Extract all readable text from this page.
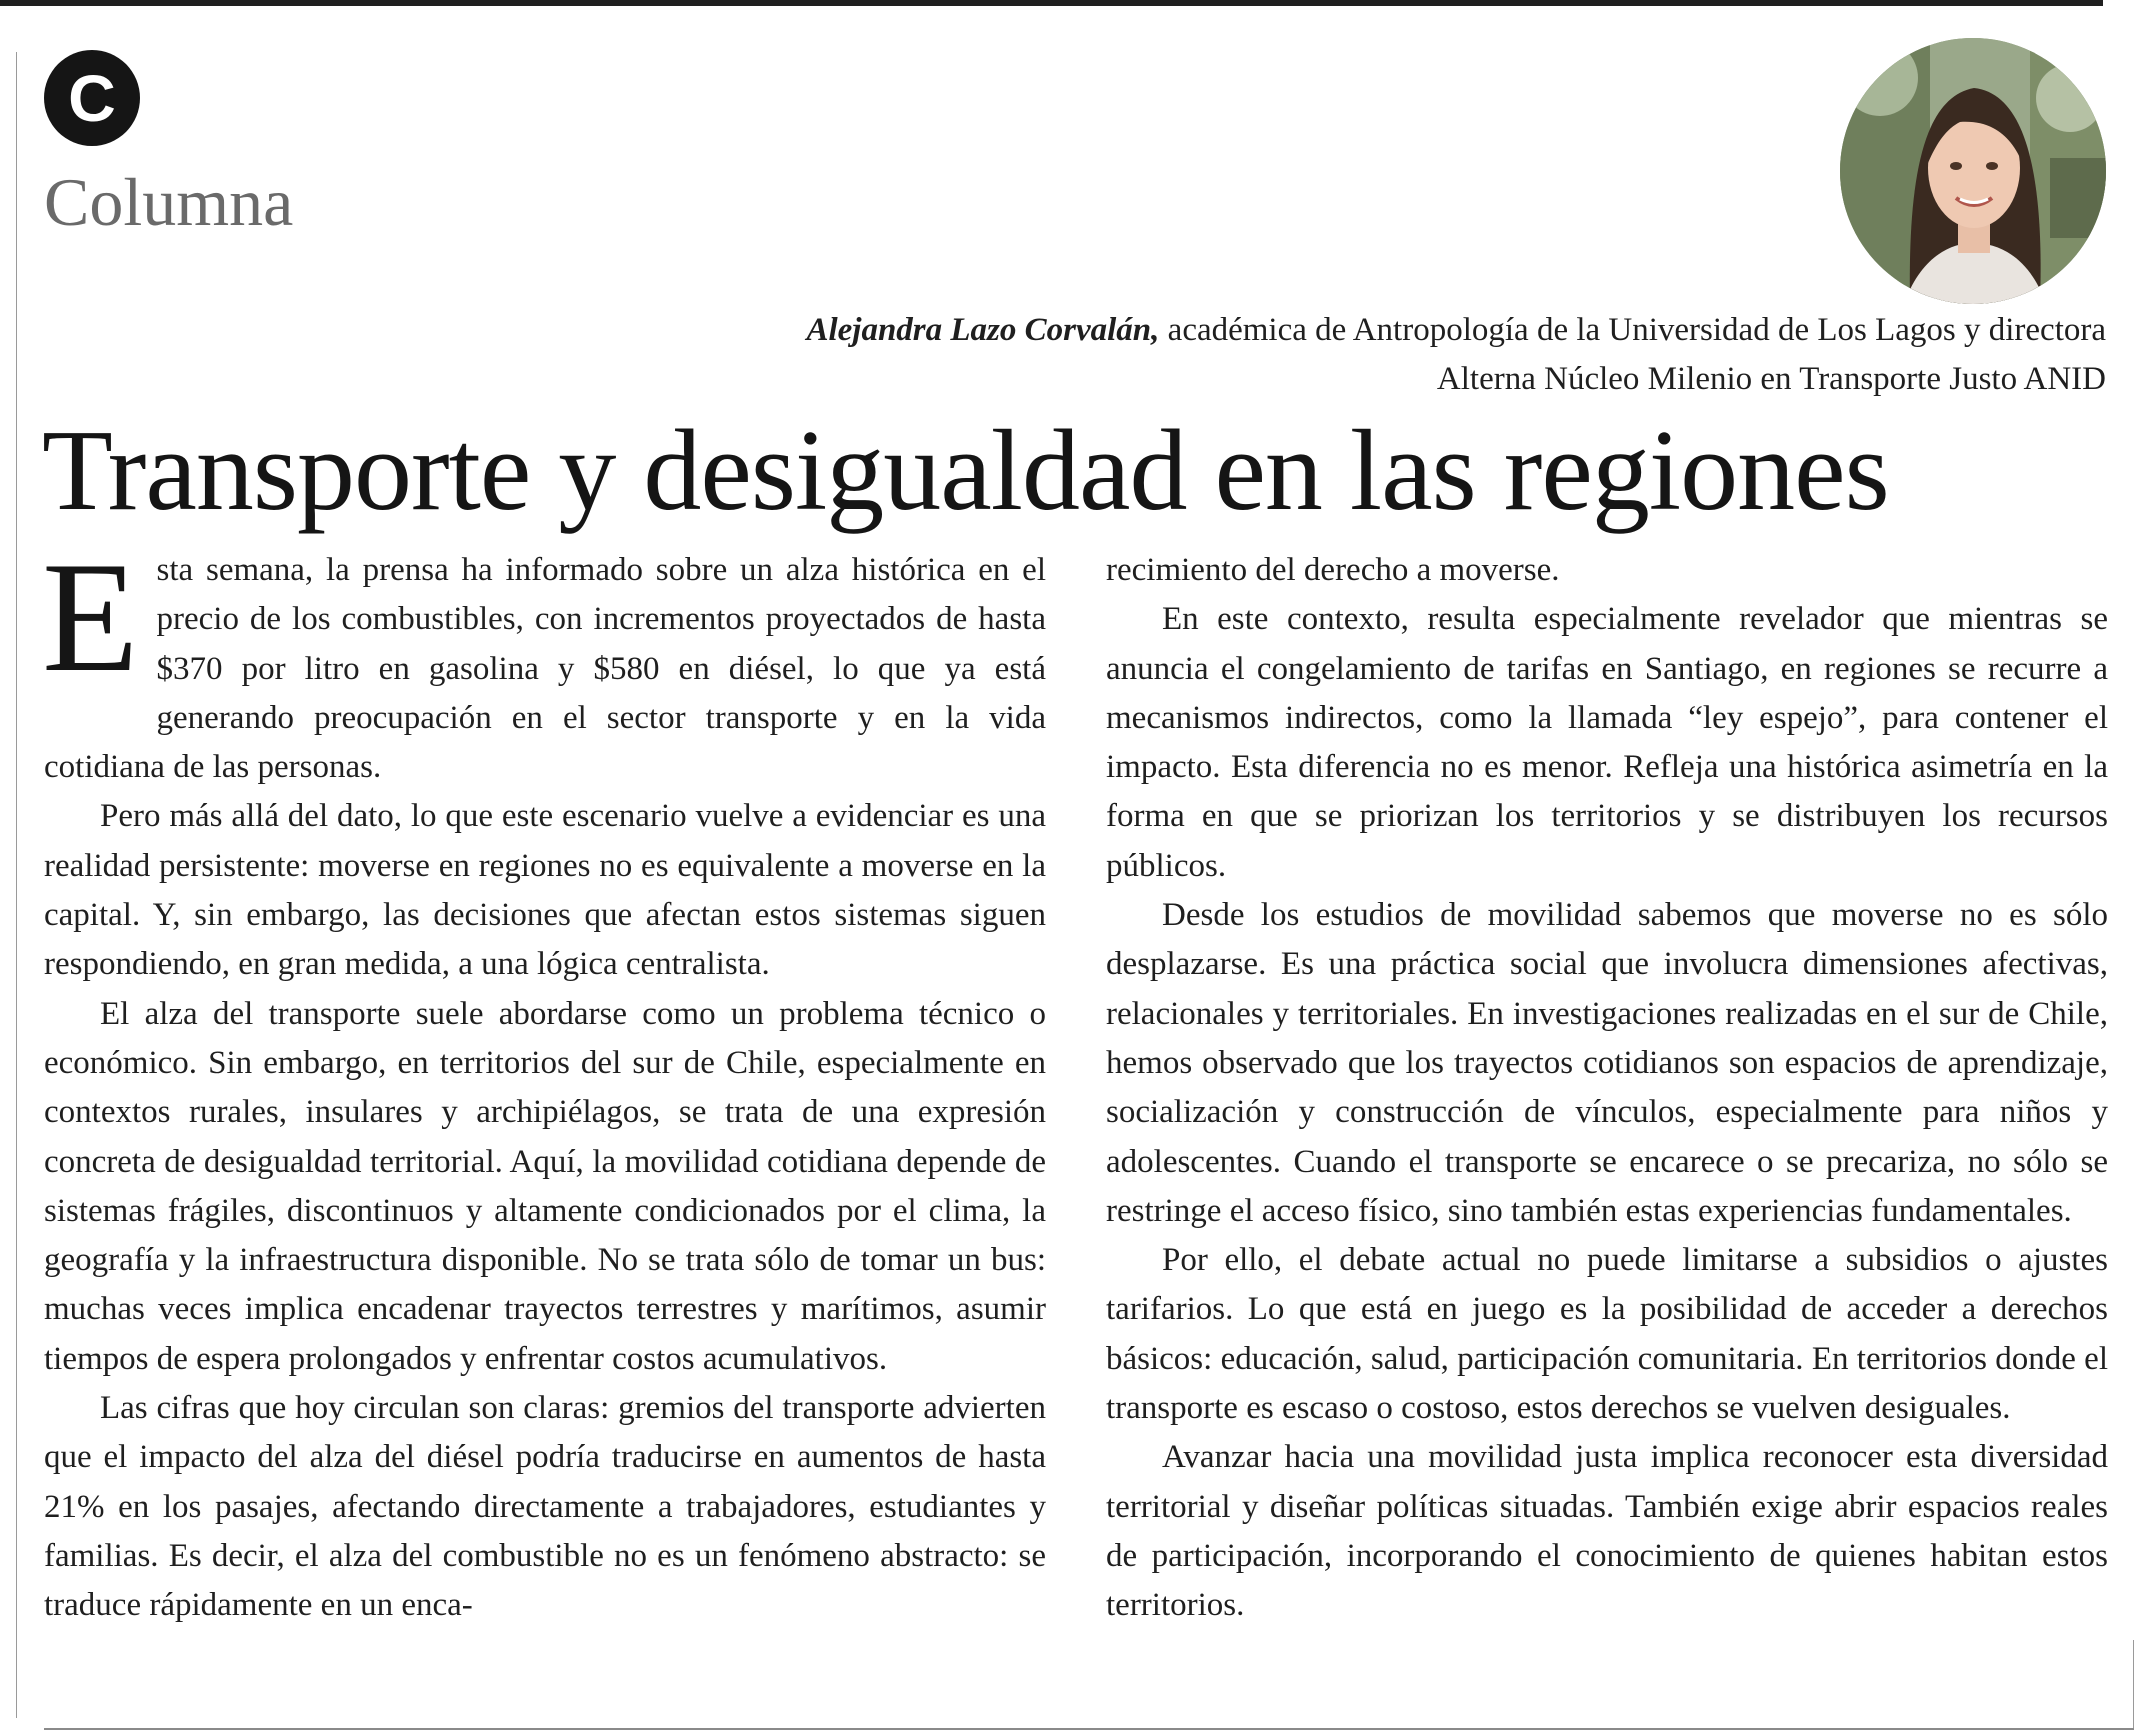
C
Columna
Alejandra Lazo Corvalán, académica de Antropología de la Universidad de Los Lagos y directora Alterna Núcleo Milenio en Transporte Justo ANID
Transporte y desigualdad en las regiones

Esta semana, la prensa ha informado sobre un alza histórica en el precio de los combustibles, con incrementos proyectados de hasta $370 por litro en gasolina y $580 en diésel, lo que ya está generando preocupación en el sector transporte y en la vida cotidiana de las personas.

Pero más allá del dato, lo que este escenario vuelve a evidenciar es una realidad persistente: moverse en regiones no es equivalente a moverse en la capital. Y, sin embargo, las decisiones que afectan estos sistemas siguen respondiendo, en gran medida, a una lógica centralista.

El alza del transporte suele abordarse como un problema técnico o económico. Sin embargo, en territorios del sur de Chile, especialmente en contextos rurales, insulares y archipiélagos, se trata de una expresión concreta de desigualdad territorial. Aquí, la movilidad cotidiana depende de sistemas frágiles, discontinuos y altamente condicionados por el clima, la geografía y la infraestructura disponible. No se trata sólo de tomar un bus: muchas veces implica encadenar trayectos terrestres y marítimos, asumir tiempos de espera prolongados y enfrentar costos acumulativos.

Las cifras que hoy circulan son claras: gremios del transporte advierten que el impacto del alza del diésel podría traducirse en aumentos de hasta 21% en los pasajes, afectando directamente a trabajadores, estudiantes y familias. Es decir, el alza del combustible no es un fenómeno abstracto: se traduce rápidamente en un enca-

recimiento del derecho a moverse.

En este contexto, resulta especialmente revelador que mientras se anuncia el congelamiento de tarifas en Santiago, en regiones se recurre a mecanismos indirectos, como la llamada “ley espejo”, para contener el impacto. Esta diferencia no es menor. Refleja una histórica asimetría en la forma en que se priorizan los territorios y se distribuyen los recursos públicos.

Desde los estudios de movilidad sabemos que moverse no es sólo desplazarse. Es una práctica social que involucra dimensiones afectivas, relacionales y territoriales. En investigaciones realizadas en el sur de Chile, hemos observado que los trayectos cotidianos son espacios de aprendizaje, socialización y construcción de vínculos, especialmente para niños y adolescentes. Cuando el transporte se encarece o se precariza, no sólo se restringe el acceso físico, sino también estas experiencias fundamentales.

Por ello, el debate actual no puede limitarse a subsidios o ajustes tarifarios. Lo que está en juego es la posibilidad de acceder a derechos básicos: educación, salud, participación comunitaria. En territorios donde el transporte es escaso o costoso, estos derechos se vuelven desiguales.

Avanzar hacia una movilidad justa implica reconocer esta diversidad territorial y diseñar políticas situadas. También exige abrir espacios reales de participación, incorporando el conocimiento de quienes habitan estos territorios.
